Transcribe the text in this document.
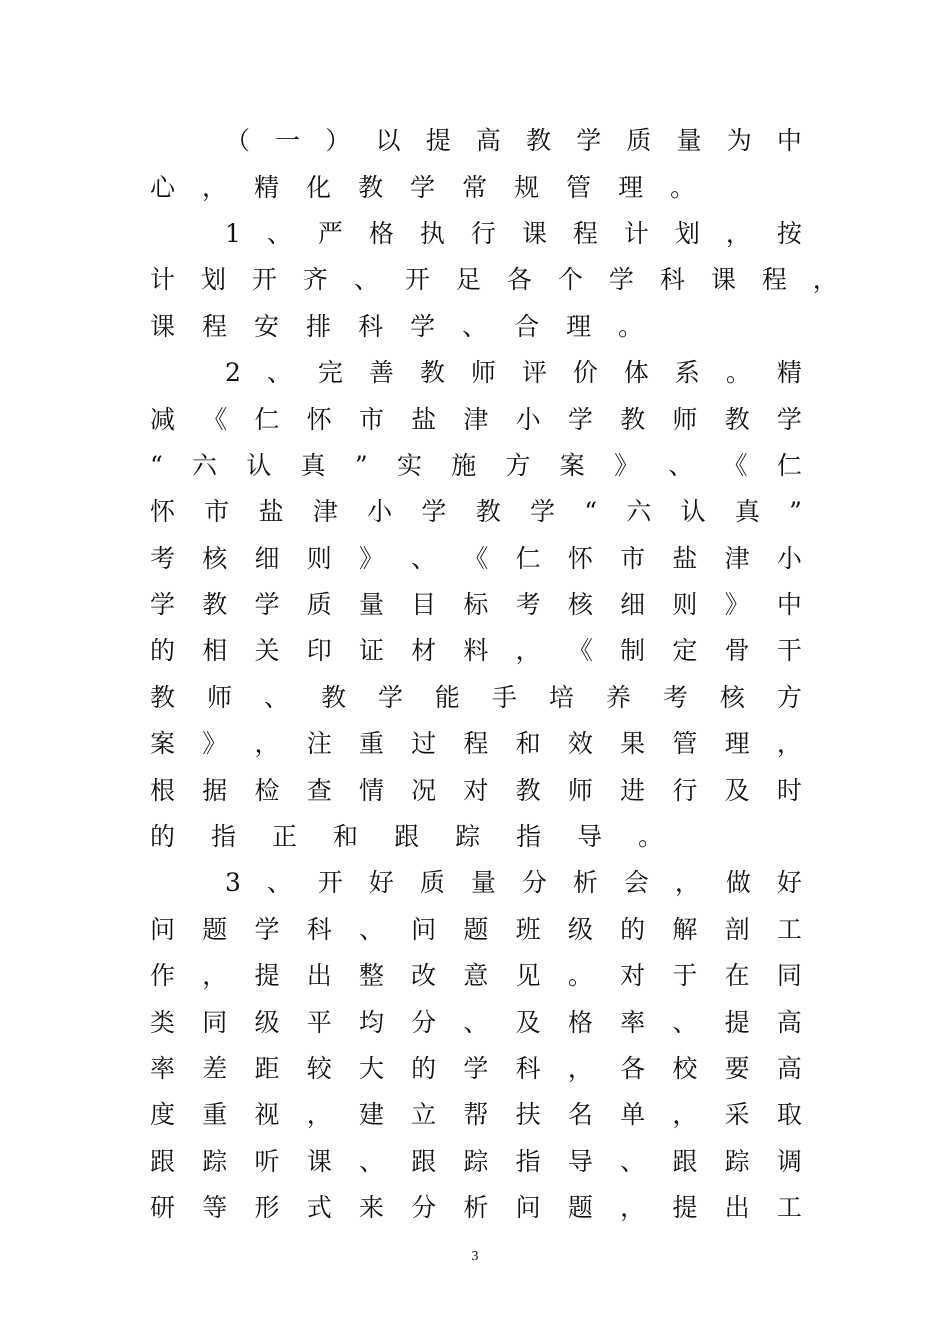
（ 一 ） 以 提 高 教 学 质 量 为 中
心 ， 精 化 教 学 常 规 管 理 。
1 、 严 格 执 行 课 程 计 划 ， 按
计 划 开 齐 、 开 足 各 个 学 科 课 程 ，
课 程 安 排 科 学 、 合 理 。
2 、 完 善 教 师 评 价 体 系 。 精
减 《 仁 怀 市 盐 津 小 学 教 师 教 学
“ 六 认 真 ” 实 施 方 案 》 、 《 仁
怀 市 盐 津 小 学 教 学 “ 六 认 真 ”
考 核 细 则 》 、 《 仁 怀 市 盐 津 小
学 教 学 质 量 目 标 考 核 细 则 》 中
的 相 关 印 证 材 料 ， 《 制 定 骨 干
教 师 、 教 学 能 手 培 养 考 核 方
案 》 ， 注 重 过 程 和 效 果 管 理 ，
根 据 检 查 情 况 对 教 师 进 行 及 时
的 指 正 和 跟 踪 指 导 。
3 、 开 好 质 量 分 析 会 ， 做 好
问 题 学 科 、 问 题 班 级 的 解 剖 工
作 ， 提 出 整 改 意 见 。 对 于 在 同
类 同 级 平 均 分 、 及 格 率 、 提 高
率 差 距 较 大 的 学 科 ， 各 校 要 高
度 重 视 ， 建 立 帮 扶 名 单 ， 采 取
跟 踪 听 课 、 跟 踪 指 导 、 跟 踪 调
研 等 形 式 来 分 析 问 题 ， 提 出 工
3
